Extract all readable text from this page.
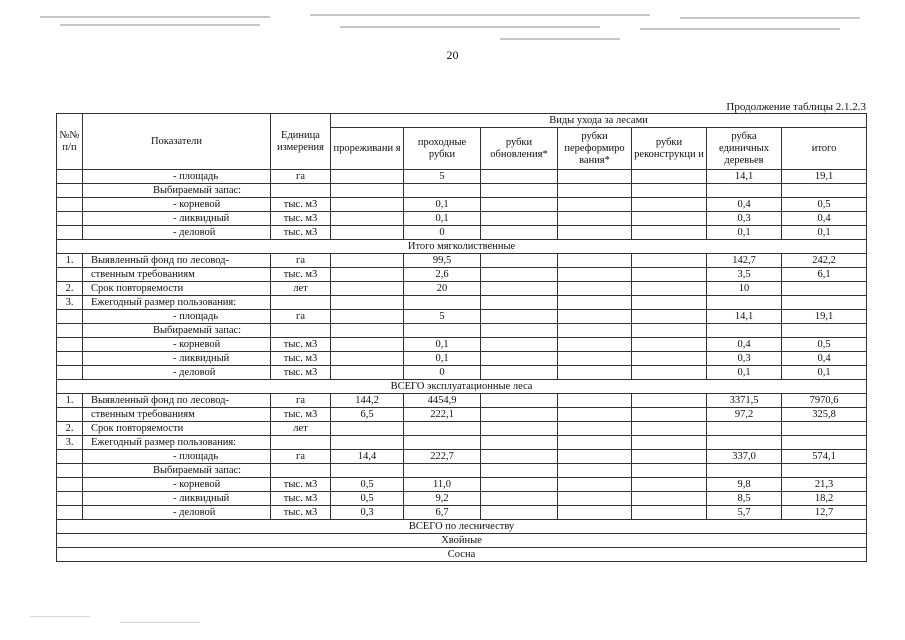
20
Продолжение таблицы 2.1.2.3
№№ п/п	Показатели	Единица измерения	Виды ухода за лесами						
			прореживани я	проходные рубки	рубки обновления*	рубки переформиро вания*	рубки реконструкци и	рубка единичных деревьев	итого
	- площадь	га		5				14,1	19,1
	Выбираемый запас:								
	- корневой	тыс. м3		0,1				0,4	0,5
	- ликвидный	тыс. м3		0,1				0,3	0,4
	- деловой	тыс. м3		0				0,1	0,1
Итого мягколиственные									
1.	Выявленный фонд по лесовод-	га		99,5				142,7	242,2
	ственным требованиям	тыс. м3		2,6				3,5	6,1
2.	Срок повторяемости	лет		20				10	
3.	Ежегодный размер пользования:								
	- площадь	га		5				14,1	19,1
	Выбираемый запас:								
	- корневой	тыс. м3		0,1				0,4	0,5
	- ликвидный	тыс. м3		0,1				0,3	0,4
	- деловой	тыс. м3		0				0,1	0,1
ВСЕГО эксплуатационные леса									
1.	Выявленный фонд по лесовод-	га	144,2	4454,9				3371,5	7970,6
	ственным требованиям	тыс. м3	6,5	222,1				97,2	325,8
2.	Срок повторяемости	лет							
3.	Ежегодный размер пользования:								
	- площадь	га	14,4	222,7				337,0	574,1
	Выбираемый запас:								
	- корневой	тыс. м3	0,5	11,0				9,8	21,3
	- ликвидный	тыс. м3	0,5	9,2				8,5	18,2
	- деловой	тыс. м3	0,3	6,7				5,7	12,7
ВСЕГО по лесничеству									
Хвойные									
Сосна									
